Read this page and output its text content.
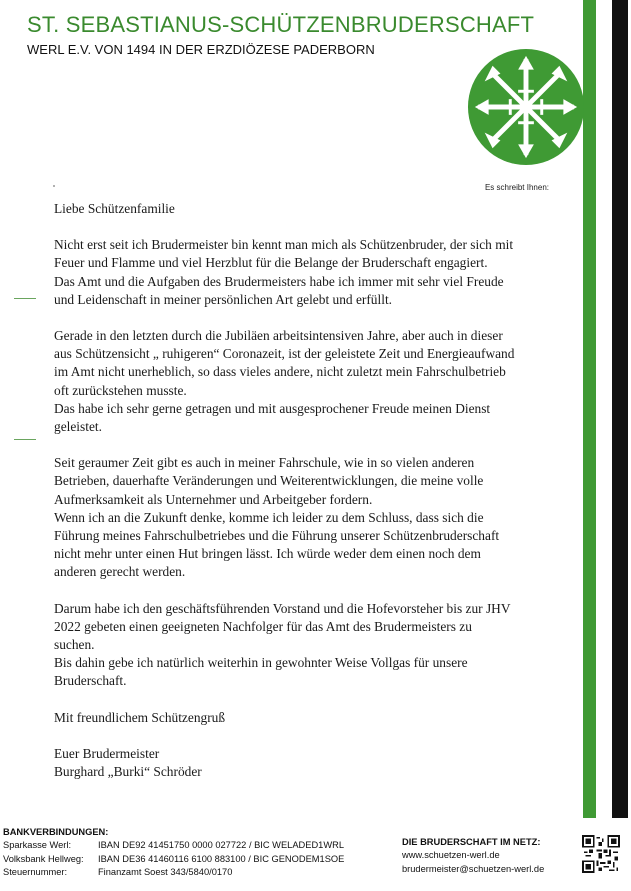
ST. SEBASTIANUS-SCHÜTZENBRUDERSCHAFT
WERL E.V. VON 1494 IN DER ERZDIÖZESE PADERBORN
Es schreibt Ihnen:

Liebe Schützenfamilie

Nicht erst seit ich Brudermeister bin kennt man mich als Schützenbruder, der sich mit

Feuer und Flamme und viel Herzblut für die Belange der Bruderschaft engagiert.

Das Amt und die Aufgaben des Brudermeisters habe ich immer mit sehr viel Freude

und Leidenschaft in meiner persönlichen Art gelebt und erfüllt.

Gerade in den letzten durch die Jubiläen arbeitsintensiven Jahre, aber auch in dieser

aus Schützensicht „ ruhigeren“ Coronazeit, ist der geleistete Zeit und Energieaufwand

im Amt nicht unerheblich, so dass vieles andere, nicht zuletzt mein Fahrschulbetrieb

oft zurückstehen musste.

Das habe ich sehr gerne getragen und mit ausgesprochener Freude meinen Dienst

geleistet.

Seit geraumer Zeit gibt es auch in meiner Fahrschule, wie in so vielen anderen

Betrieben, dauerhafte Veränderungen und Weiterentwicklungen, die meine volle

Aufmerksamkeit als Unternehmer und Arbeitgeber fordern.

Wenn ich an die Zukunft denke, komme ich leider zu dem Schluss, dass sich die

Führung meines Fahrschulbetriebes und die Führung unserer Schützenbruderschaft

nicht mehr unter einen Hut bringen lässt. Ich würde weder dem einen noch dem

anderen gerecht werden.

Darum habe ich den geschäftsführenden Vorstand und die Hofevorsteher bis zur JHV

2022 gebeten einen geeigneten Nachfolger für das Amt des Brudermeisters zu

suchen.

Bis dahin gebe ich natürlich weiterhin in gewohnter Weise Vollgas für unsere

Bruderschaft.

Mit freundlichem Schützengruß

Euer Brudermeister

Burghard „Burki“ Schröder

BANKVERBINDUNGEN:
Sparkasse Werl:	IBAN DE92 41451750 0000 027722 / BIC WELADED1WRL
Volksbank Hellweg:	IBAN DE36 41460116 6100 883100 / BIC GENODEM1SOE
Steuernummer:	Finanzamt Soest 343/5840/0170
DIE BRUDERSCHAFT IM NETZ:
www.schuetzen-werl.de
brudermeister@schuetzen-werl.de
